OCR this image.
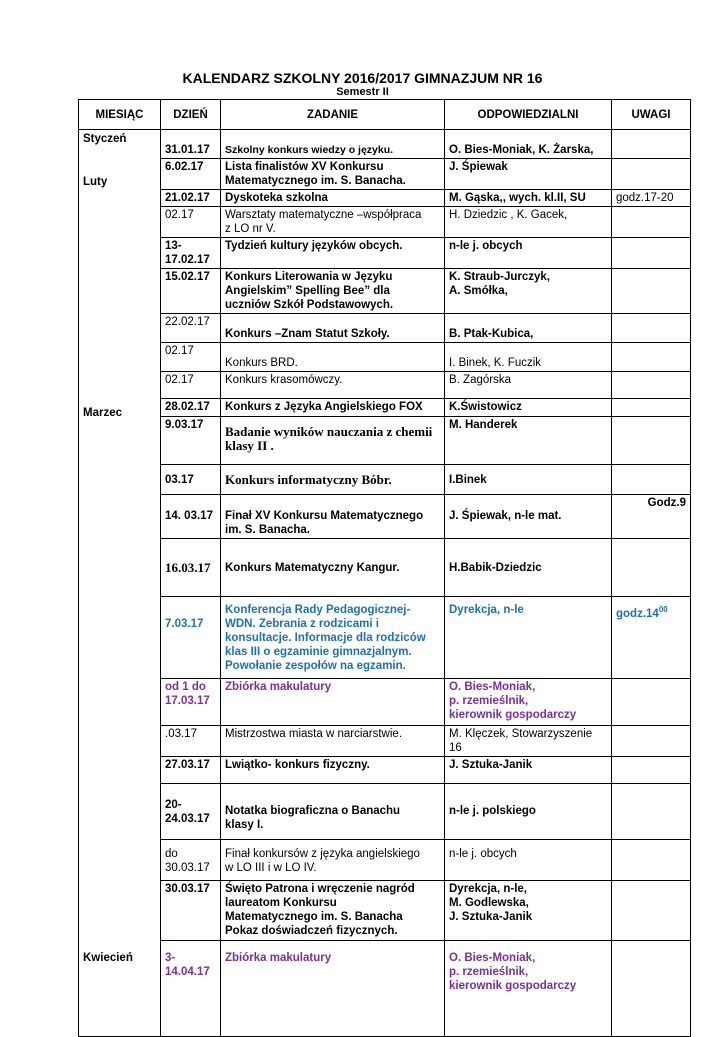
KALENDARZ SZKOLNY 2016/2017 GIMNAZJUM NR 16
Semestr II
MIESIĄC	DZIEŃ	ZADANIE	ODPOWIEDZIALNI	UWAGI
Styczeń	31.01.17	Szkolny konkurs wiedzy o języku.	O. Bies-Moniak, K. Żarska,	

Luty	6.02.17	Lista finalistów XV Konkursu
Matematycznego im. S. Banacha.	J. Śpiewak	
	21.02.17	Dyskoteka szkolna	M. Gąska,, wych. kl.II, SU	godz.17-20
	02.17	Warsztaty matematyczne –współpraca
z LO nr V.	H. Dziedzic , K. Gacek,	
	13-
17.02.17	Tydzień kultury języków obcych.	n-le j. obcych	
	15.02.17	Konkurs Literowania w Języku
Angielskim” Spelling Bee” dla
uczniów Szkół Podstawowych.	K. Straub-Jurczyk,
A. Smółka,	
	22.02.17	Konkurs –Znam Statut Szkoły.	B. Ptak-Kubica,	
	02.17	Konkurs BRD.	I. Binek, K. Fuczik	
	02.17	Konkurs krasomówczy.	B. Zagórska	
	28.02.17	Konkurs z Języka Angielskiego FOX	K.Świstowicz	

Marzec	9.03.17	Badanie wyników nauczania z chemii
klasy II .	M. Handerek	
	03.17	Konkurs informatyczny Bóbr.	I.Binek	
	14. 03.17	Finał XV Konkursu Matematycznego
im. S. Banacha.	J. Śpiewak, n-le mat.	Godz.9
	16.03.17	Konkurs Matematyczny Kangur.	H.Babik-Dziedzic	
	7.03.17	Konferencja Rady Pedagogicznej-
WDN. Zebrania z rodzicami i
konsultacje. Informacje dla rodziców
klas III o egzaminie gimnazjalnym.
Powołanie zespołów na egzamin.	Dyrekcja, n-le	$godz.14^{00}$
	od 1 do
17.03.17	Zbiórka makulatury	O. Bies-Moniak,
p. rzemieślnik,
kierownik gospodarczy	
	.03.17	Mistrzostwa miasta w narciarstwie.	M. Klęczek, Stowarzyszenie
16	
	27.03.17	Lwiątko- konkurs fizyczny.	J. Sztuka-Janik	
	20-
24.03.17	Notatka biograficzna o Banachu
klasy I.	n-le j. polskiego	
	do
30.03.17	Finał konkursów z języka angielskiego
w LO III i w LO IV.	n-le j. obcych	
	30.03.17	Święto Patrona i wręczenie nagród
laureatom Konkursu
Matematycznego im. S. Banacha
Pokaz doświadczeń fizycznych.	Dyrekcja, n-le,
M. Godlewska,
J. Sztuka-Janik	
Kwiecień	3-
14.04.17	Zbiórka makulatury	O. Bies-Moniak,
p. rzemieślnik,
kierownik gospodarczy	
